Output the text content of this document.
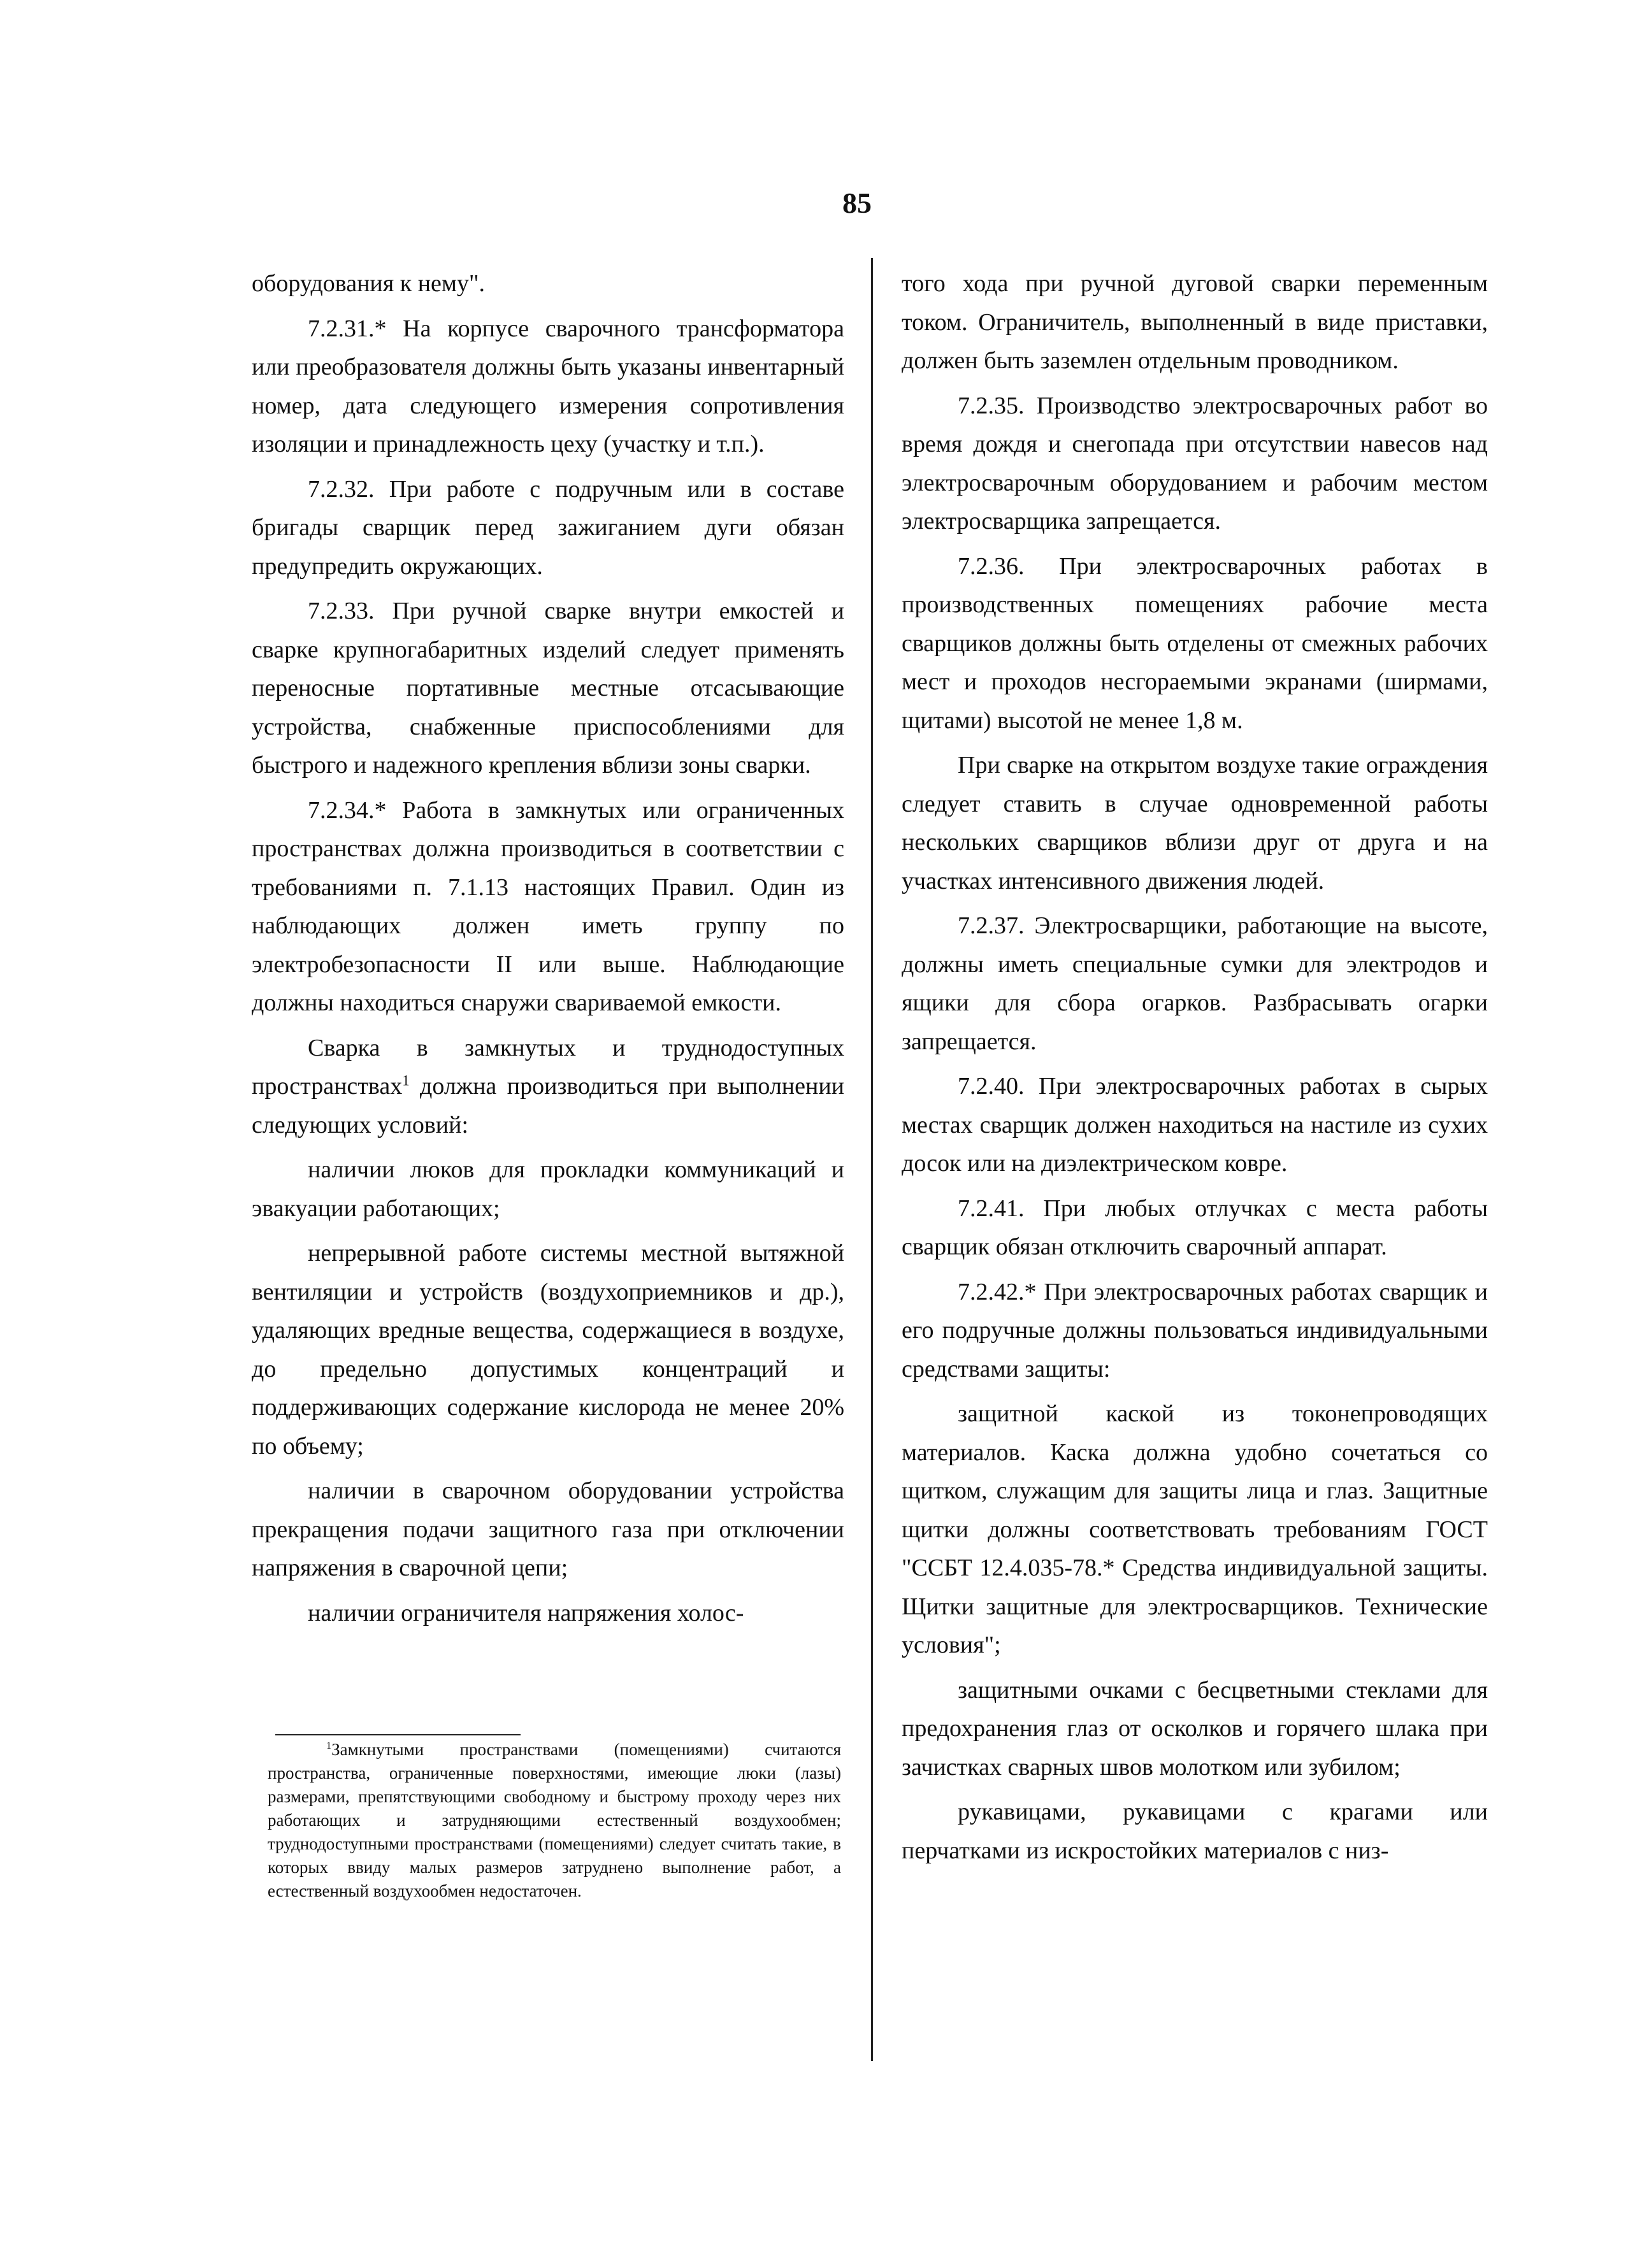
85

оборудования к нему".

7.2.31.* На корпусе сварочного трансформатора или преобразователя должны быть указаны инвентарный номер, дата следующего измерения сопротивления изоляции и принадлежность цеху (участку и т.п.).

7.2.32. При работе с подручным или в составе бригады сварщик перед зажиганием дуги обязан предупредить окружающих.

7.2.33. При ручной сварке внутри емкостей и сварке крупногабаритных изделий следует применять переносные портативные местные отсасывающие устройства, снабженные приспособлениями для быстрого и надежного крепления вблизи зоны сварки.

7.2.34.* Работа в замкнутых или ограниченных пространствах должна производиться в соответствии с требованиями п. 7.1.13 настоящих Правил. Один из наблюдающих должен иметь группу по электробезопасности II или выше. Наблюдающие должны находиться снаружи свариваемой емкости.

Сварка в замкнутых и труднодоступных пространствах$^1$ должна производиться при выполнении следующих условий:

наличии люков для прокладки коммуникаций и эвакуации работающих;

непрерывной работе системы местной вытяжной вентиляции и устройств (воздухоприемников и др.), удаляющих вредные вещества, содержащиеся в воздухе, до предельно допустимых концентраций и поддерживающих содержание кислорода не менее 20% по объему;

наличии в сварочном оборудовании устройства прекращения подачи защитного газа при отключении напряжения в сварочной цепи;

наличии ограничителя напряжения холос-

$^1$Замкнутыми пространствами (помещениями) считаются пространства, ограниченные поверхностями, имеющие люки (лазы) размерами, препятствующими свободному и быстрому проходу через них работающих и затрудняющими естественный воздухообмен; труднодоступными пространствами (помещениями) следует считать такие, в которых ввиду малых размеров затруднено выполнение работ, а естественный воздухообмен недостаточен.

того хода при ручной дуговой сварки переменным током. Ограничитель, выполненный в виде приставки, должен быть заземлен отдельным проводником.

7.2.35. Производство электросварочных работ во время дождя и снегопада при отсутствии навесов над электросварочным оборудованием и рабочим местом электросварщика запрещается.

7.2.36. При электросварочных работах в производственных помещениях рабочие места сварщиков должны быть отделены от смежных рабочих мест и проходов несгораемыми экранами (ширмами, щитами) высотой не менее 1,8 м.

При сварке на открытом воздухе такие ограждения следует ставить в случае одновременной работы нескольких сварщиков вблизи друг от друга и на участках интенсивного движения людей.

7.2.37. Электросварщики, работающие на высоте, должны иметь специальные сумки для электродов и ящики для сбора огарков. Разбрасывать огарки запрещается.

7.2.40. При электросварочных работах в сырых местах сварщик должен находиться на настиле из сухих досок или на диэлектрическом ковре.

7.2.41. При любых отлучках с места работы сварщик обязан отключить сварочный аппарат.

7.2.42.* При электросварочных работах сварщик и его подручные должны пользоваться индивидуальными средствами защиты:

защитной каской из токонепроводящих материалов. Каска должна удобно сочетаться со щитком, служащим для защиты лица и глаз. Защитные щитки должны соответствовать требованиям ГОСТ "ССБТ 12.4.035-78.* Средства индивидуальной защиты. Щитки защитные для электросварщиков. Технические условия";

защитными очками с бесцветными стеклами для предохранения глаз от осколков и горячего шлака при зачистках сварных швов молотком или зубилом;

рукавицами, рукавицами с крагами или перчатками из искростойких материалов с низ-
